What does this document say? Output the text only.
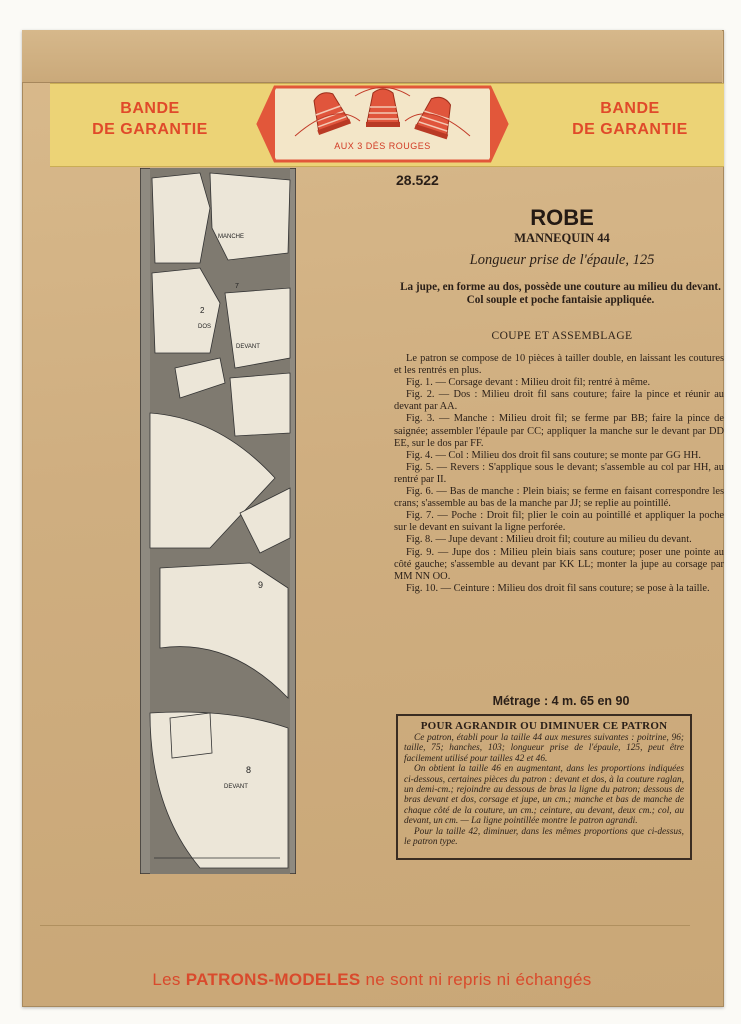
BANDE
DE GARANTIE
AUX 3 DÉS ROUGES
BANDE
DE GARANTIE
MANCHE
2
DOS
DEVANT
7
9
8
DEVANT
28.522
ROBE
MANNEQUIN 44
Longueur prise de l'épaule, 125
La jupe, en forme au dos, possède une couture au milieu du devant. Col souple et poche fantaisie appliquée.
COUPE ET ASSEMBLAGE

Le patron se compose de 10 pièces à tailler double, en laissant les coutures et les rentrés en plus.

Fig. 1. — Corsage devant : Milieu droit fil; rentré à même.

Fig. 2. — Dos : Milieu droit fil sans couture; faire la pince et réunir au devant par AA.

Fig. 3. — Manche : Milieu droit fil; se ferme par BB; faire la pince de saignée; assembler l'épaule par CC; appliquer la manche sur le devant par DD EE, sur le dos par FF.

Fig. 4. — Col : Milieu dos droit fil sans couture; se monte par GG HH.

Fig. 5. — Revers : S'applique sous le devant; s'assemble au col par HH, au rentré par II.

Fig. 6. — Bas de manche : Plein biais; se ferme en faisant correspondre les crans; s'assemble au bas de la manche par JJ; se replie au pointillé.

Fig. 7. — Poche : Droit fil; plier le coin au pointillé et appliquer la poche sur le devant en suivant la ligne perforée.

Fig. 8. — Jupe devant : Milieu droit fil; couture au milieu du devant.

Fig. 9. — Jupe dos : Milieu plein biais sans couture; poser une pointe au côté gauche; s'assemble au devant par KK LL; monter la jupe au corsage par MM NN OO.

Fig. 10. — Ceinture : Milieu dos droit fil sans couture; se pose à la taille.

Métrage : 4 m. 65 en 90
POUR AGRANDIR OU DIMINUER CE PATRON

Ce patron, établi pour la taille 44 aux mesures suivantes : poitrine, 96; taille, 75; hanches, 103; longueur prise de l'épaule, 125, peut être facilement utilisé pour tailles 42 et 46.

On obtient la taille 46 en augmentant, dans les proportions indiquées ci-dessous, certaines pièces du patron : devant et dos, à la couture raglan, un demi-cm.; rejoindre au dessous de bras la ligne du patron; dessous de bras devant et dos, corsage et jupe, un cm.; manche et bas de manche de chaque côté de la couture, un cm.; ceinture, au devant, deux cm.; col, au devant, un cm. — La ligne pointillée montre le patron agrandi.

Pour la taille 42, diminuer, dans les mêmes proportions que ci-dessus, le patron type.

Les PATRONS-MODELES ne sont ni repris ni échangés
